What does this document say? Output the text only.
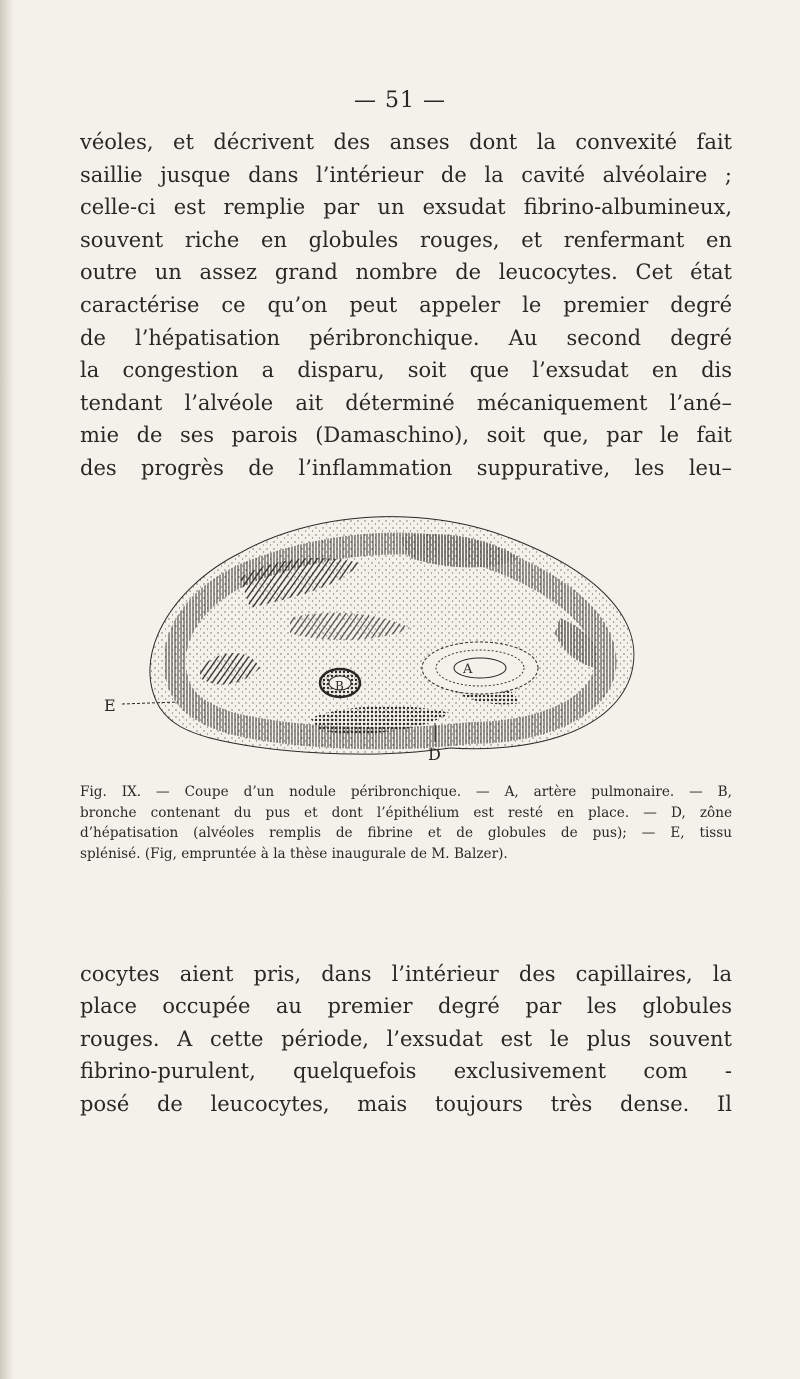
— 51 —

véoles, et décrivent des anses dont la convexité fait
saillie jusque dans l’intérieur de la cavité alvéolaire ;
celle-ci est remplie par un exsudat fibrino-albumineux,
souvent riche en globules rouges, et renfermant en
outre un assez grand nombre de leucocytes. Cet état
caractérise ce qu’on peut appeler le premier degré
de l’hépatisation péribronchique. Au second degré
la congestion a disparu, soit que l’exsudat en dis
tendant l’alvéole ait déterminé mécaniquement l’ané–
mie de ses parois (Damaschino), soit que, par le fait
des progrès de l’inflammation suppurative, les leu–

E
D
A
B

Fig. IX. — Coupe d’un nodule péribronchique. — A, artère pulmonaire. — B,
bronche contenant du pus et dont l’épithélium est resté en place. — D, zône
d’hépatisation (alvéoles remplis de fibrine et de globules de pus); — E, tissu
splénisé. (Fig, empruntée à la thèse inaugurale de M. Balzer).

cocytes aient pris, dans l’intérieur des capillaires, la
place occupée au premier degré par les globules
rouges. A cette période, l’exsudat est le plus souvent
fibrino-purulent, quelquefois exclusivement com -
posé de leucocytes, mais toujours très dense. Il
